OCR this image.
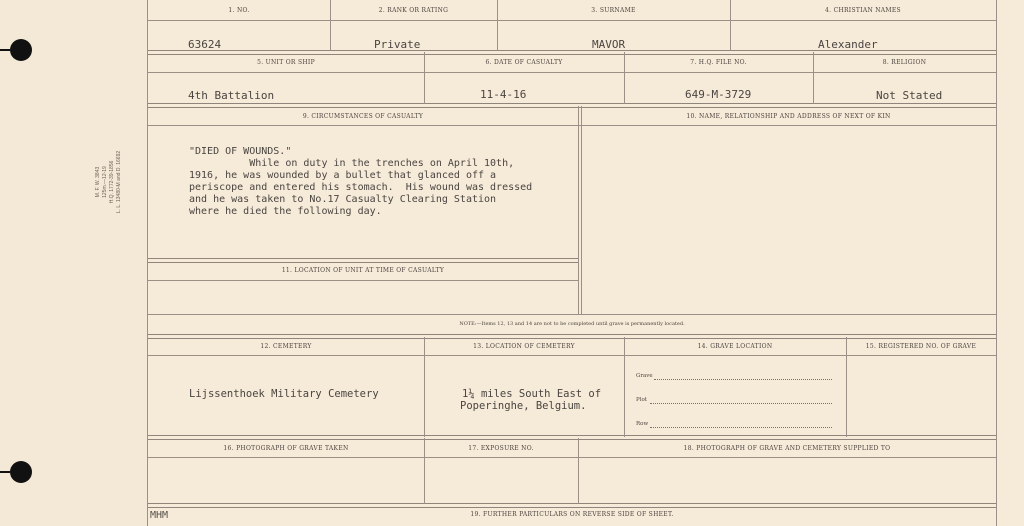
M. F. W. 3843
125m.—12-19
H.Q. 1772-39-1856
L. L. 13480-M and D. 16692
1. NO.	2. RANK OR RATING	3. SURNAME	4. CHRISTIAN NAMES
63624	Private	MAVOR	Alexander
5. UNIT OR SHIP	6. DATE OF CASUALTY	7. H.Q. FILE NO.	8. RELIGION
4th Battalion	11-4-16	649-M-3729	Not Stated
9. CIRCUMSTANCES OF CASUALTY	10. NAME, RELATIONSHIP AND ADDRESS OF NEXT OF KIN
"DIED OF WOUNDS."
While on duty in the trenches on April 10th,
1916, he was wounded by a bullet that glanced off a
periscope and entered his stomach.  His wound was dressed
and he was taken to No.17 Casualty Clearing Station
where he died the following day.
11. LOCATION OF UNIT AT TIME OF CASUALTY
NOTE:—Items 12, 13 and 14 are not to be completed until grave is permanently located.
12. CEMETERY	13. LOCATION OF CEMETERY	14. GRAVE LOCATION	15. REGISTERED NO. OF GRAVE
Lijssenthoek Military Cemetery	1¼ miles South East of
Poperinghe, Belgium.
Grave
Plot
Row
16. PHOTOGRAPH OF GRAVE TAKEN	17. EXPOSURE NO.	18. PHOTOGRAPH OF GRAVE AND CEMETERY SUPPLIED TO
19. FURTHER PARTICULARS ON REVERSE SIDE OF SHEET.
MHM
